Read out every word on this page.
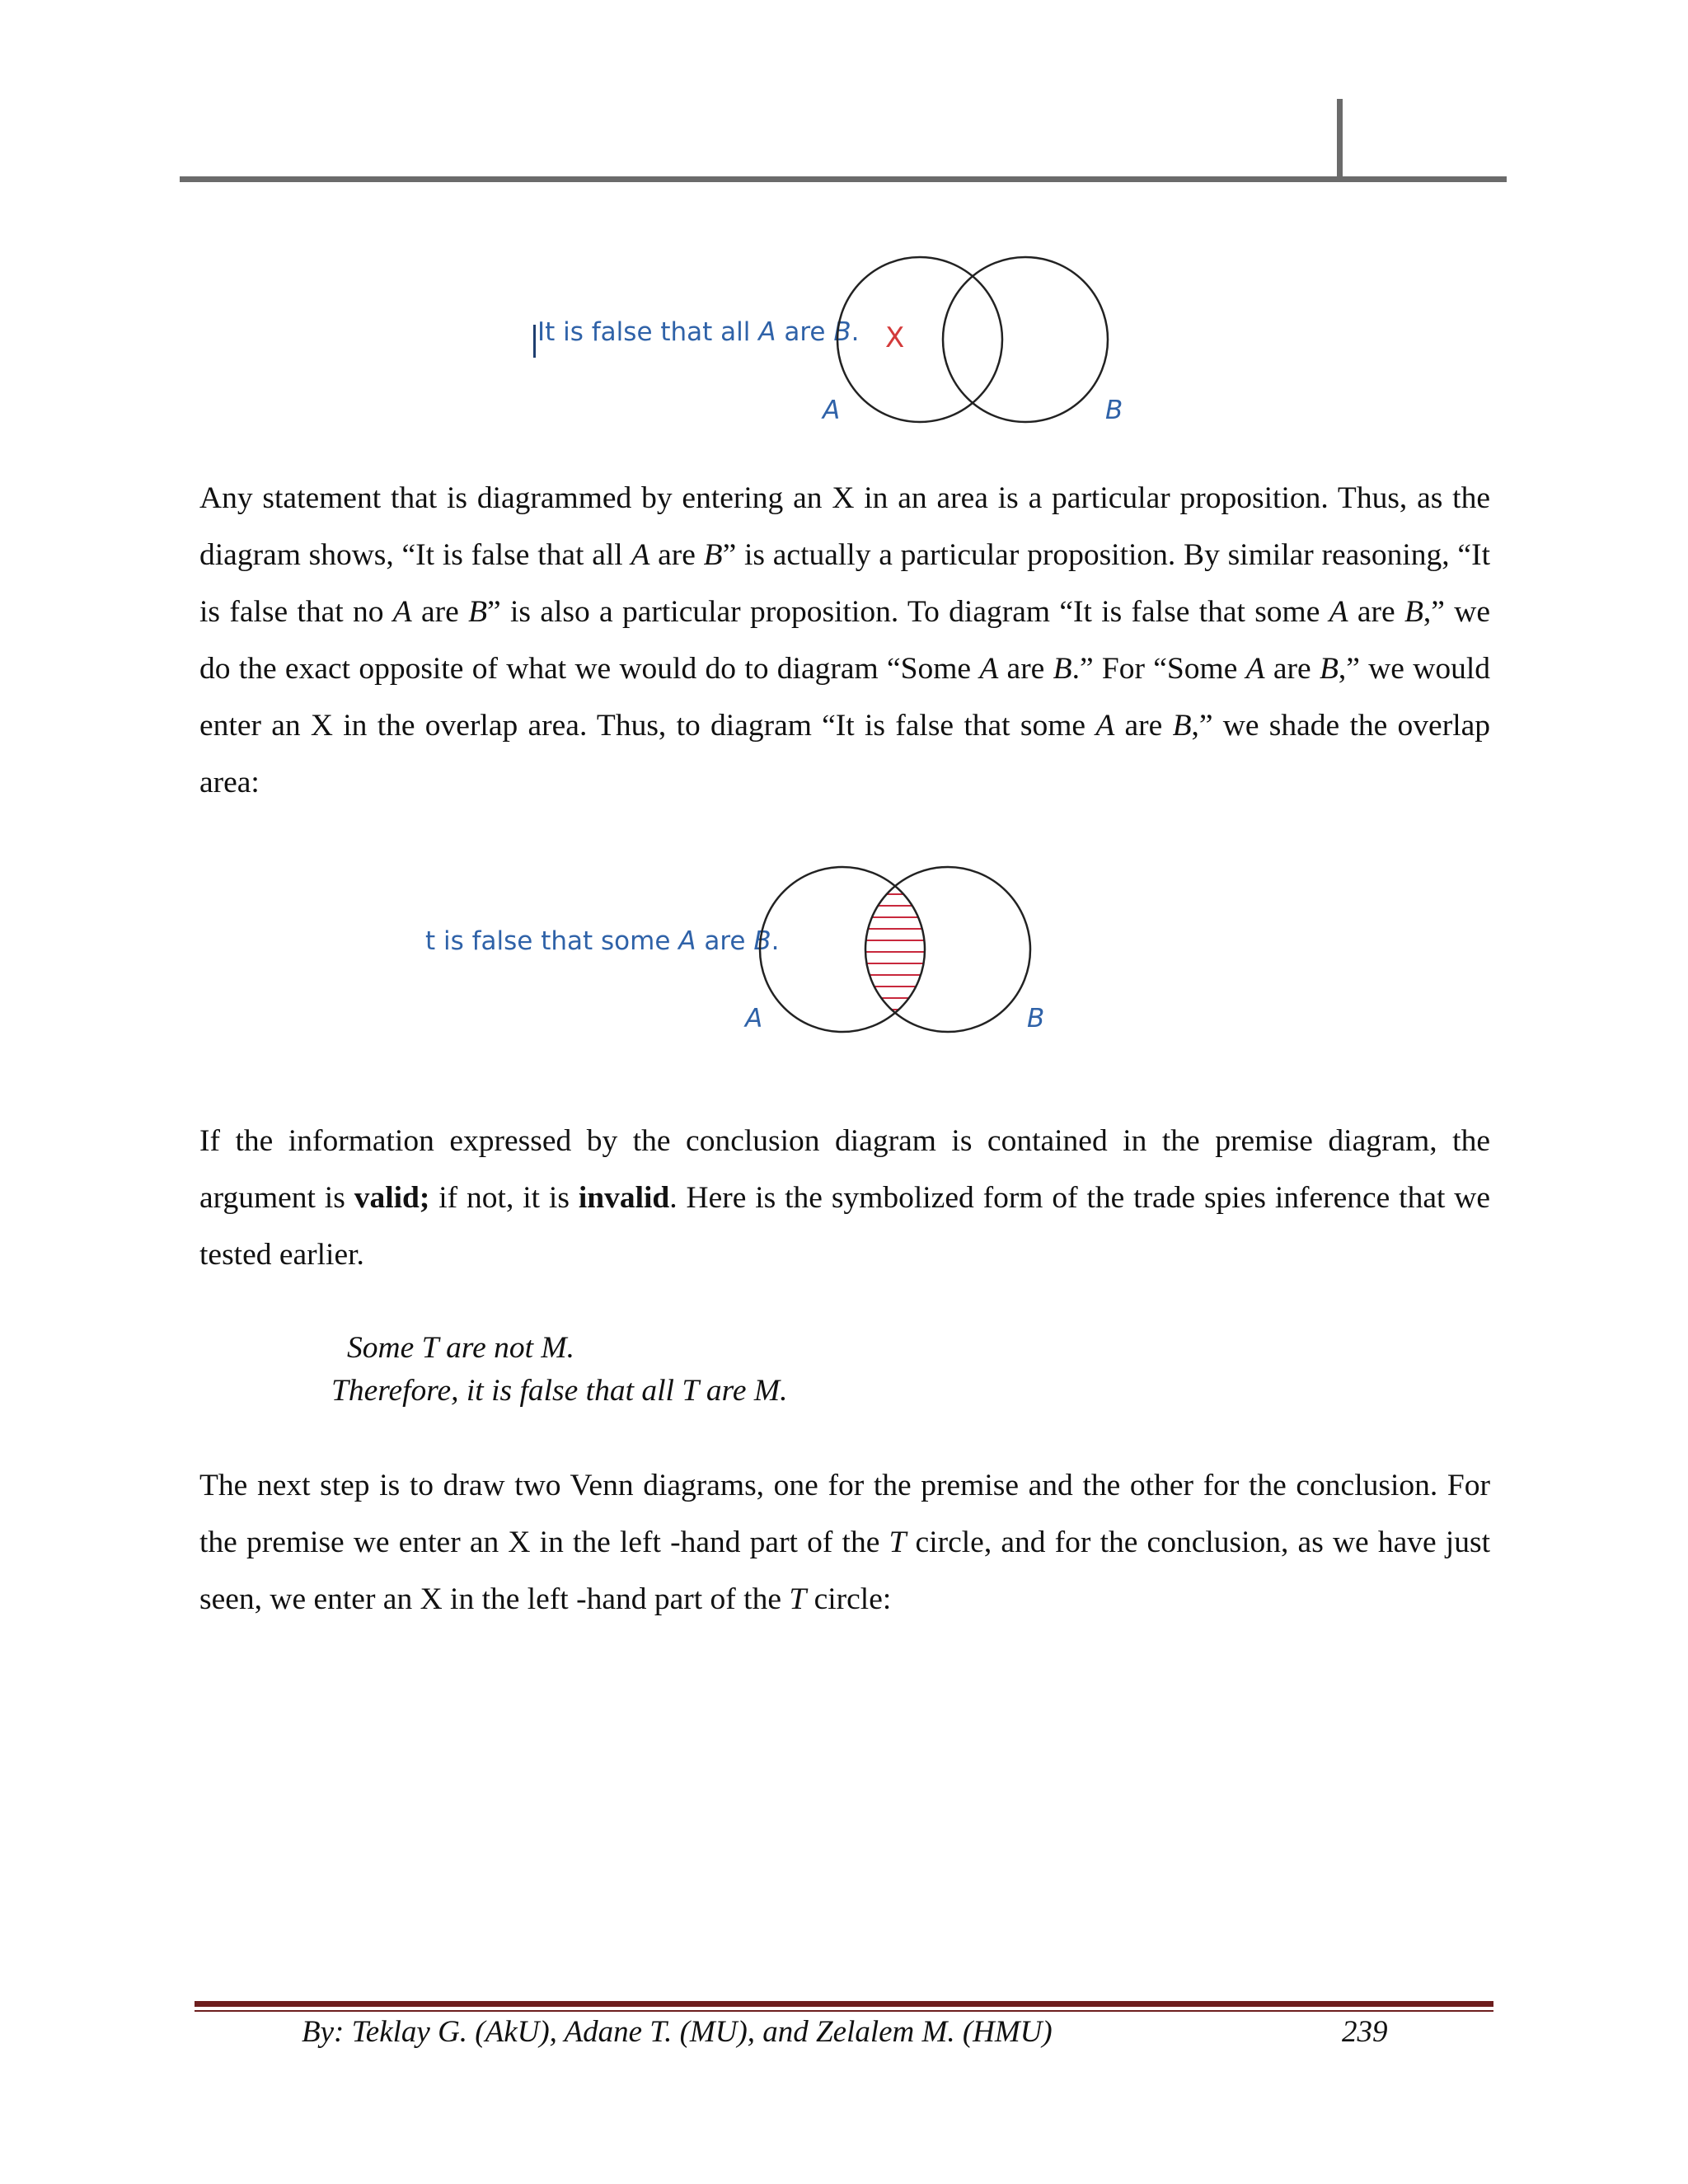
It is false that all A are B. X
A	B

Any statement that is diagrammed by entering an X in an area is a particular proposition. Thus, as the diagram shows, “It is false that all A are B” is actually a particular proposition. By similar reasoning, “It is false that no A are B” is also a particular proposition. To diagram “It is false that some A are B,” we do the exact opposite of what we would do to diagram “Some A are B.” For “Some A are B,” we would enter an X in the overlap area. Thus, to diagram “It is false that some A are B,” we shade the overlap area:

t is false that some A are B.
A	B

If the information expressed by the conclusion diagram is contained in the premise diagram, the argument is valid; if not, it is invalid. Here is the symbolized form of the trade spies inference that we tested earlier.

Some T are not M.
Therefore, it is false that all T are M.

The next step is to draw two Venn diagrams, one for the premise and the other for the conclusion. For the premise we enter an X in the left -hand part of the T circle, and for the conclusion, as we have just seen, we enter an X in the left -hand part of the T circle:

By: Teklay G. (AkU), Adane T. (MU), and Zelalem M. (HMU)	239
